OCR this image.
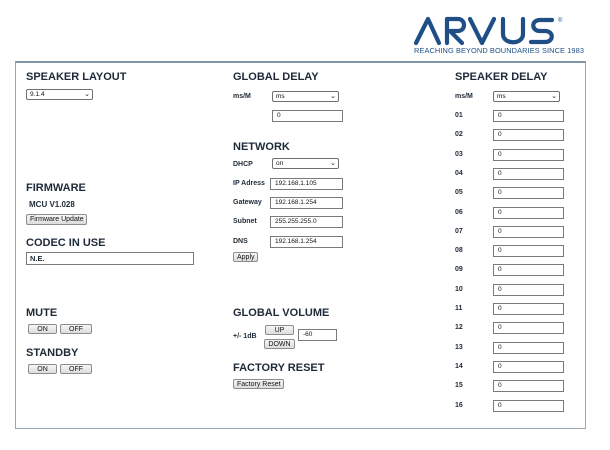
®
REACHING BEYOND BOUNDARIES SINCE 1983
SPEAKER LAYOUT
9.1.4	⌄
FIRMWARE
MCU V1.028
Firmware Update
CODEC IN USE
N.E.
MUTE
ON	OFF
STANDBY
ON	OFF
GLOBAL DELAY
ms/M	ms	⌄
0
NETWORK
DHCP	on	⌄
IP Adress	192.168.1.105
Gateway	192.168.1.254
Subnet	255.255.255.0
DNS	192.168.1.254
Apply
GLOBAL VOLUME
+/- 1dB
UP
DOWN
-60
FACTORY RESET
Factory Reset
SPEAKER DELAY
ms/M	ms	⌄
01	0
02	0
03	0
04	0
05	0
06	0
07	0
08	0
09	0
10	0
11	0
12	0
13	0
14	0
15	0
16	0
